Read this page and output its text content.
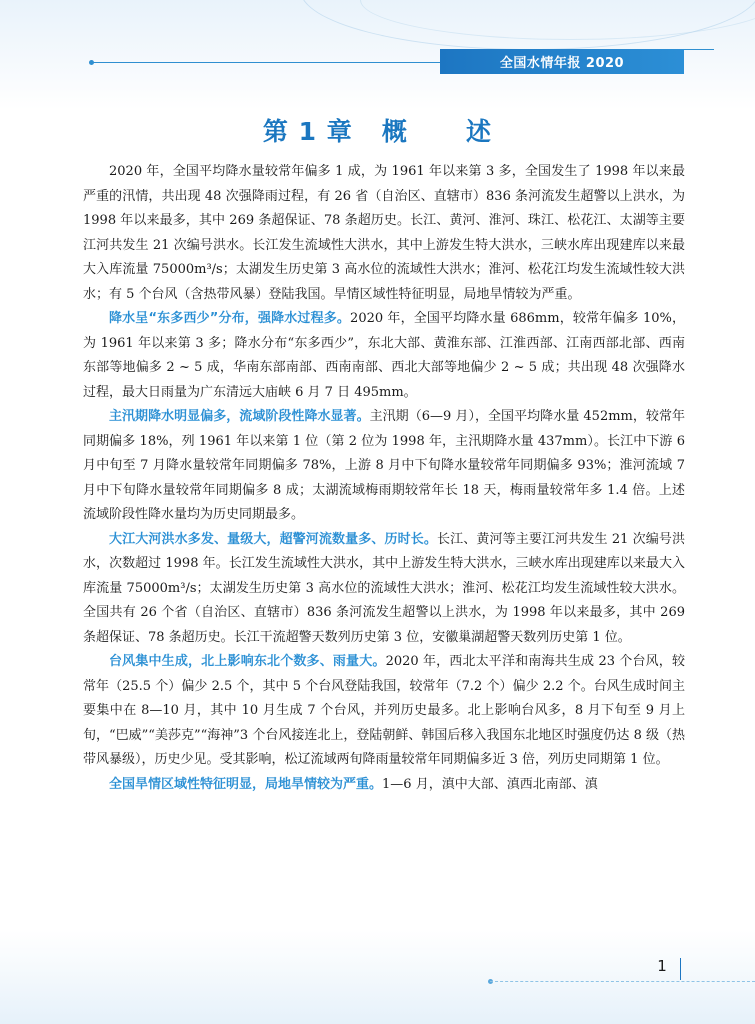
全国水情年报 2020
第 1 章   概      述

2020 年，全国平均降水量较常年偏多 1 成，为 1961 年以来第 3 多，全国发生了 1998 年以来最严重的汛情，共出现 48 次强降雨过程，有 26 省（自治区、直辖市）836 条河流发生超警以上洪水，为 1998 年以来最多，其中 269 条超保证、78 条超历史。长江、黄河、淮河、珠江、松花江、太湖等主要江河共发生 21 次编号洪水。长江发生流域性大洪水，其中上游发生特大洪水，三峡水库出现建库以来最大入库流量 75000m³/s；太湖发生历史第 3 高水位的流域性大洪水；淮河、松花江均发生流域性较大洪水；有 5 个台风（含热带风暴）登陆我国。旱情区域性特征明显，局地旱情较为严重。

降水呈“东多西少”分布，强降水过程多。2020 年，全国平均降水量 686mm，较常年偏多 10%，为 1961 年以来第 3 多；降水分布“东多西少”，东北大部、黄淮东部、江淮西部、江南西部北部、西南东部等地偏多 2 ~ 5 成，华南东部南部、西南南部、西北大部等地偏少 2 ~ 5 成；共出现 48 次强降水过程，最大日雨量为广东清远大庙峡 6 月 7 日 495mm。

主汛期降水明显偏多，流域阶段性降水显著。主汛期（6—9 月），全国平均降水量 452mm，较常年同期偏多 18%，列 1961 年以来第 1 位（第 2 位为 1998 年，主汛期降水量 437mm）。长江中下游 6 月中旬至 7 月降水量较常年同期偏多 78%，上游 8 月中下旬降水量较常年同期偏多 93%；淮河流域 7 月中下旬降水量较常年同期偏多 8 成；太湖流域梅雨期较常年长 18 天，梅雨量较常年多 1.4 倍。上述流域阶段性降水量均为历史同期最多。

大江大河洪水多发、量级大，超警河流数量多、历时长。长江、黄河等主要江河共发生 21 次编号洪水，次数超过 1998 年。长江发生流域性大洪水，其中上游发生特大洪水，三峡水库出现建库以来最大入库流量 75000m³/s；太湖发生历史第 3 高水位的流域性大洪水；淮河、松花江均发生流域性较大洪水。全国共有 26 个省（自治区、直辖市）836 条河流发生超警以上洪水，为 1998 年以来最多，其中 269 条超保证、78 条超历史。长江干流超警天数列历史第 3 位，安徽巢湖超警天数列历史第 1 位。

台风集中生成，北上影响东北个数多、雨量大。2020 年，西北太平洋和南海共生成 23 个台风，较常年（25.5 个）偏少 2.5 个，其中 5 个台风登陆我国，较常年（7.2 个）偏少 2.2 个。台风生成时间主要集中在 8—10 月，其中 10 月生成 7 个台风，并列历史最多。北上影响台风多，8 月下旬至 9 月上旬，“巴威”“美莎克”“海神”3 个台风接连北上，登陆朝鲜、韩国后移入我国东北地区时强度仍达 8 级（热带风暴级），历史少见。受其影响，松辽流域两旬降雨量较常年同期偏多近 3 倍，列历史同期第 1 位。

全国旱情区域性特征明显，局地旱情较为严重。1—6 月，滇中大部、滇西北南部、滇

1
